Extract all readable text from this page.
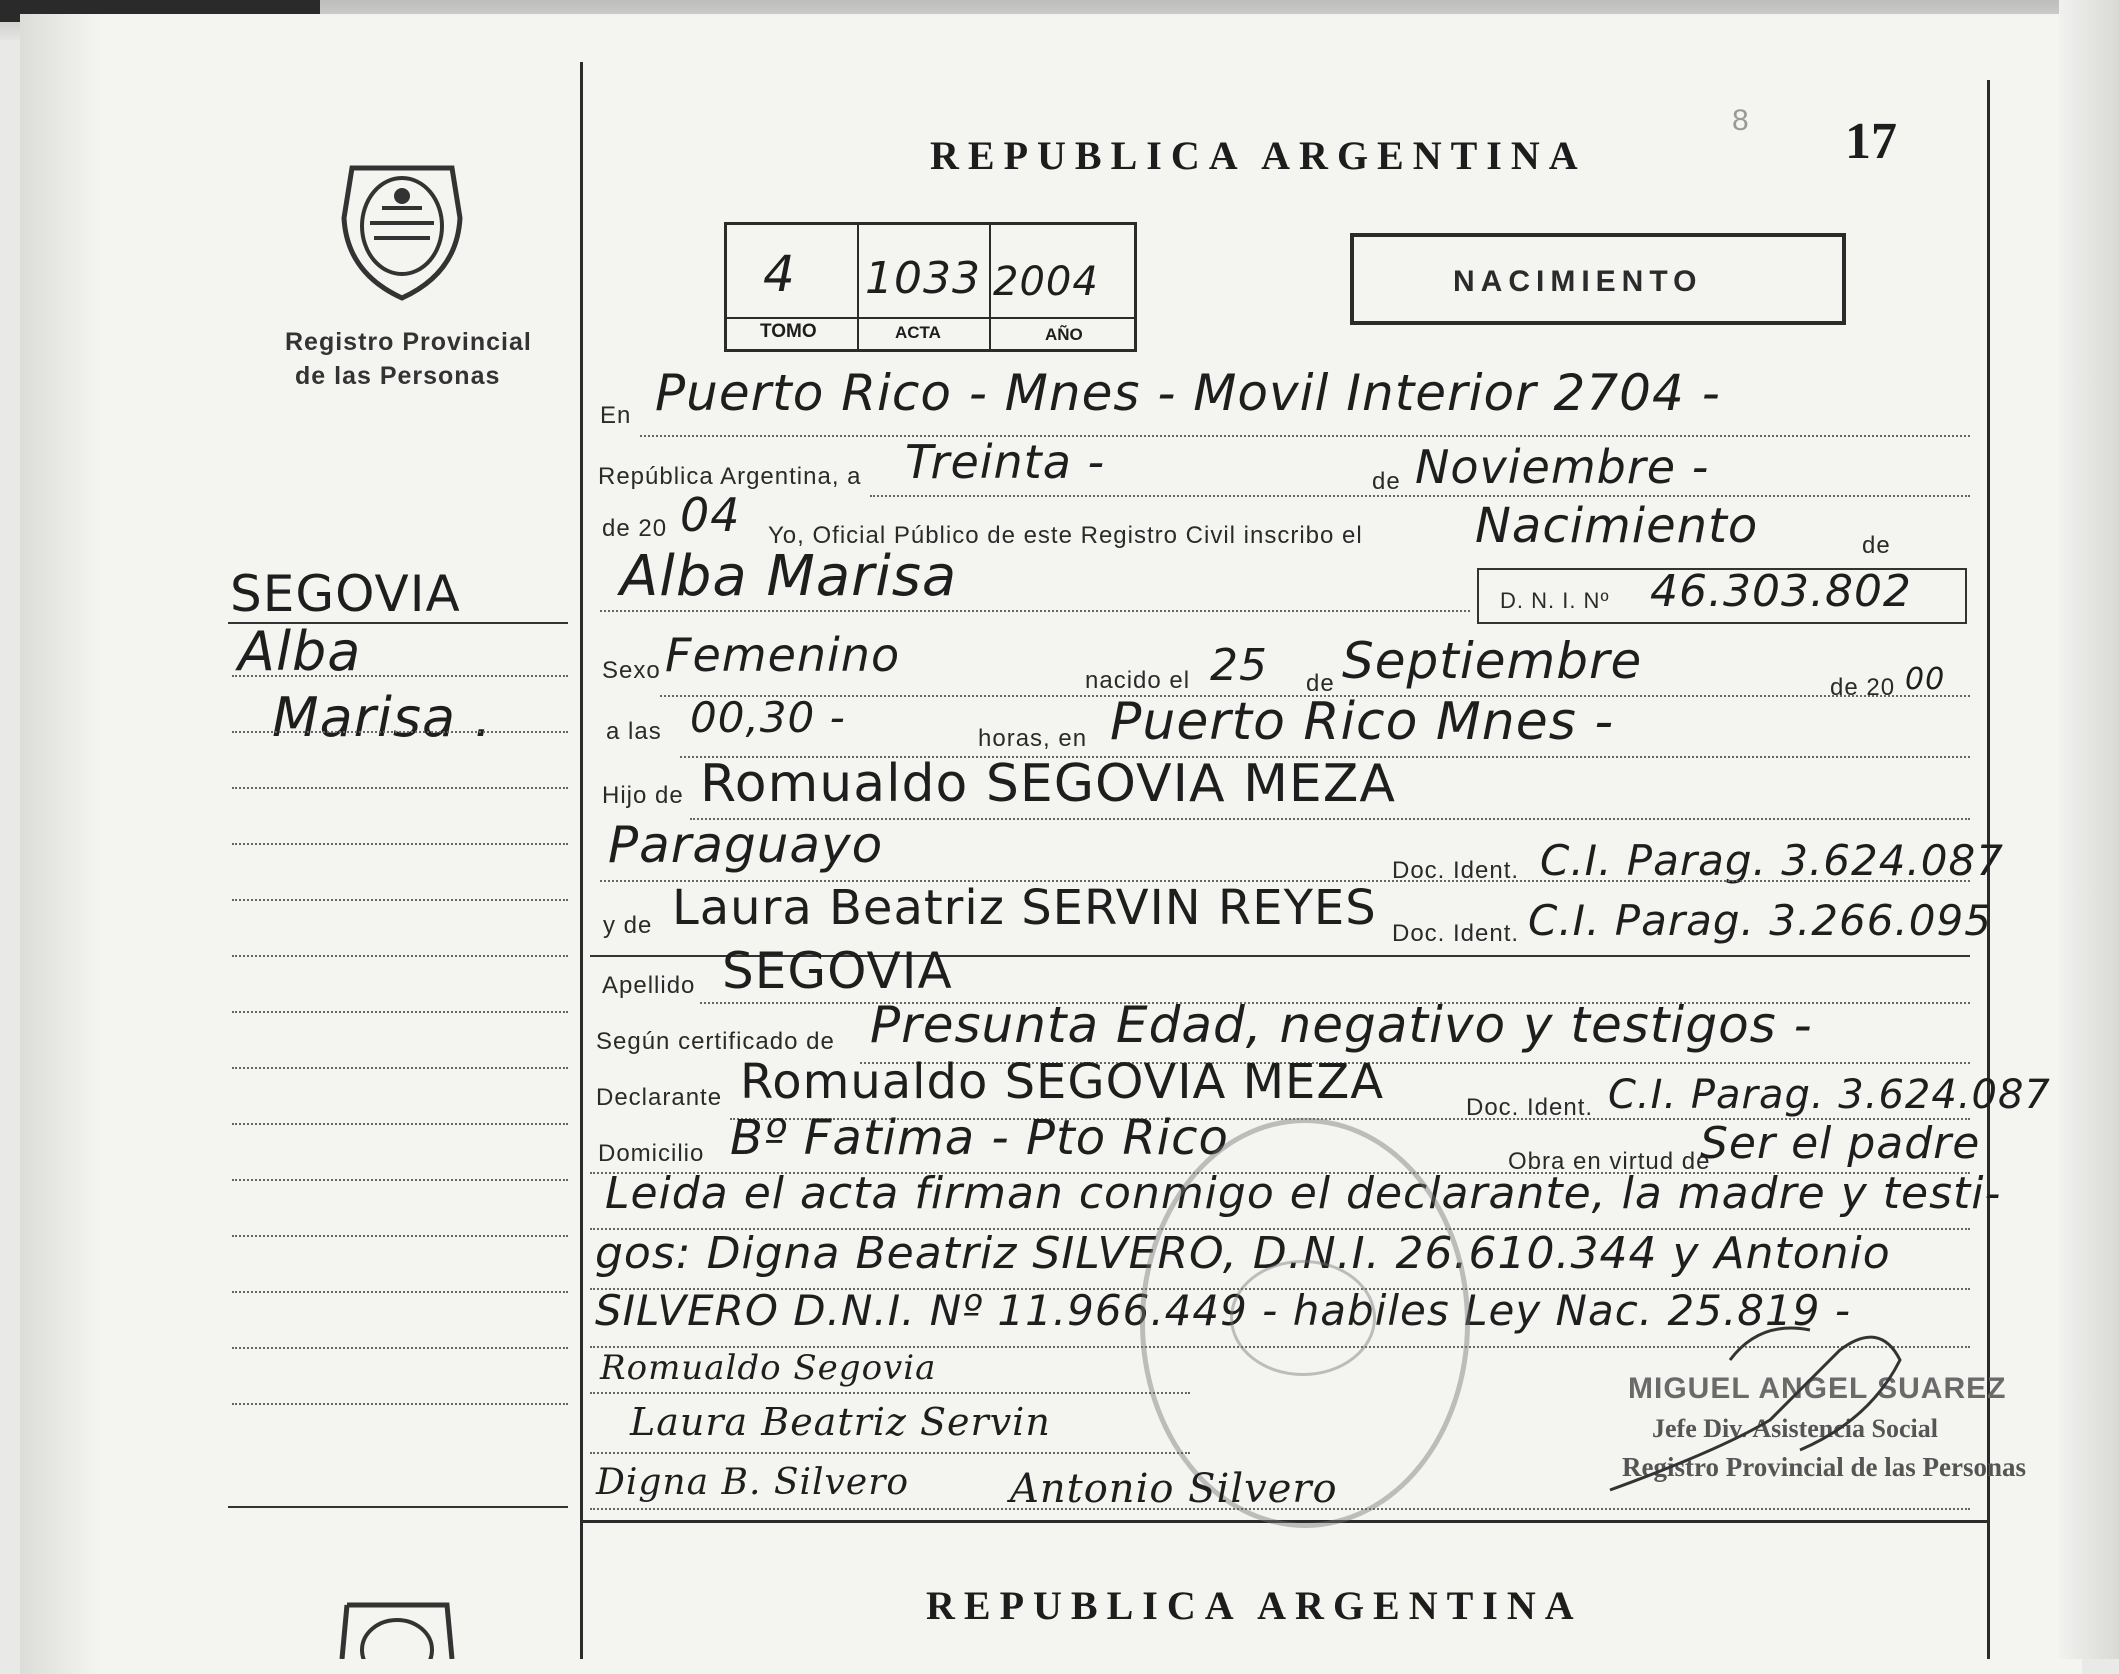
REPUBLICA ARGENTINA	17
8
Registro Provincial
de las Personas
4 1033 2004
TOMO	ACTA	AÑO
NACIMIENTO
SEGOVIA
Alba
Marisa .
En Puerto Rico - Mnes - Movil Interior 2704 -
República Argentina, a Treinta -	de Noviembre -
de 20 04 Yo, Oficial Público de este Registro Civil inscribo el Nacimiento	de
Alba Marisa	D. N. I. Nº 46.303.802
Sexo Femenino	nacido el 25 de Septiembre	de 20 00
a las 00,30 -	horas, en Puerto Rico Mnes -
Hijo de Romualdo SEGOVIA MEZA
Paraguayo	Doc. Ident. C.I. Parag. 3.624.087
y de Laura Beatriz SERVIN REYES Doc. Ident. C.I. Parag. 3.266.095
Apellido SEGOVIA
Según certificado de Presunta Edad, negativo y testigos -
Declarante Romualdo SEGOVIA MEZA	Doc. Ident. C.I. Parag. 3.624.087
Domicilio Bº Fatima - Pto Rico	Obra en virtud de
Ser el padre
Leida el acta firman conmigo el declarante, la madre y testi-
gos: Digna Beatriz SILVERO, D.N.I. 26.610.344 y Antonio
SILVERO D.N.I. Nº 11.966.449 - habiles Ley Nac. 25.819 -
Romualdo Segovia
Laura Beatriz Servin
Digna B. Silvero	Antonio Silvero
MIGUEL ANGEL SUAREZ
Jefe Div. Asistencia Social
Registro Provincial de las Personas
REPUBLICA ARGENTINA
